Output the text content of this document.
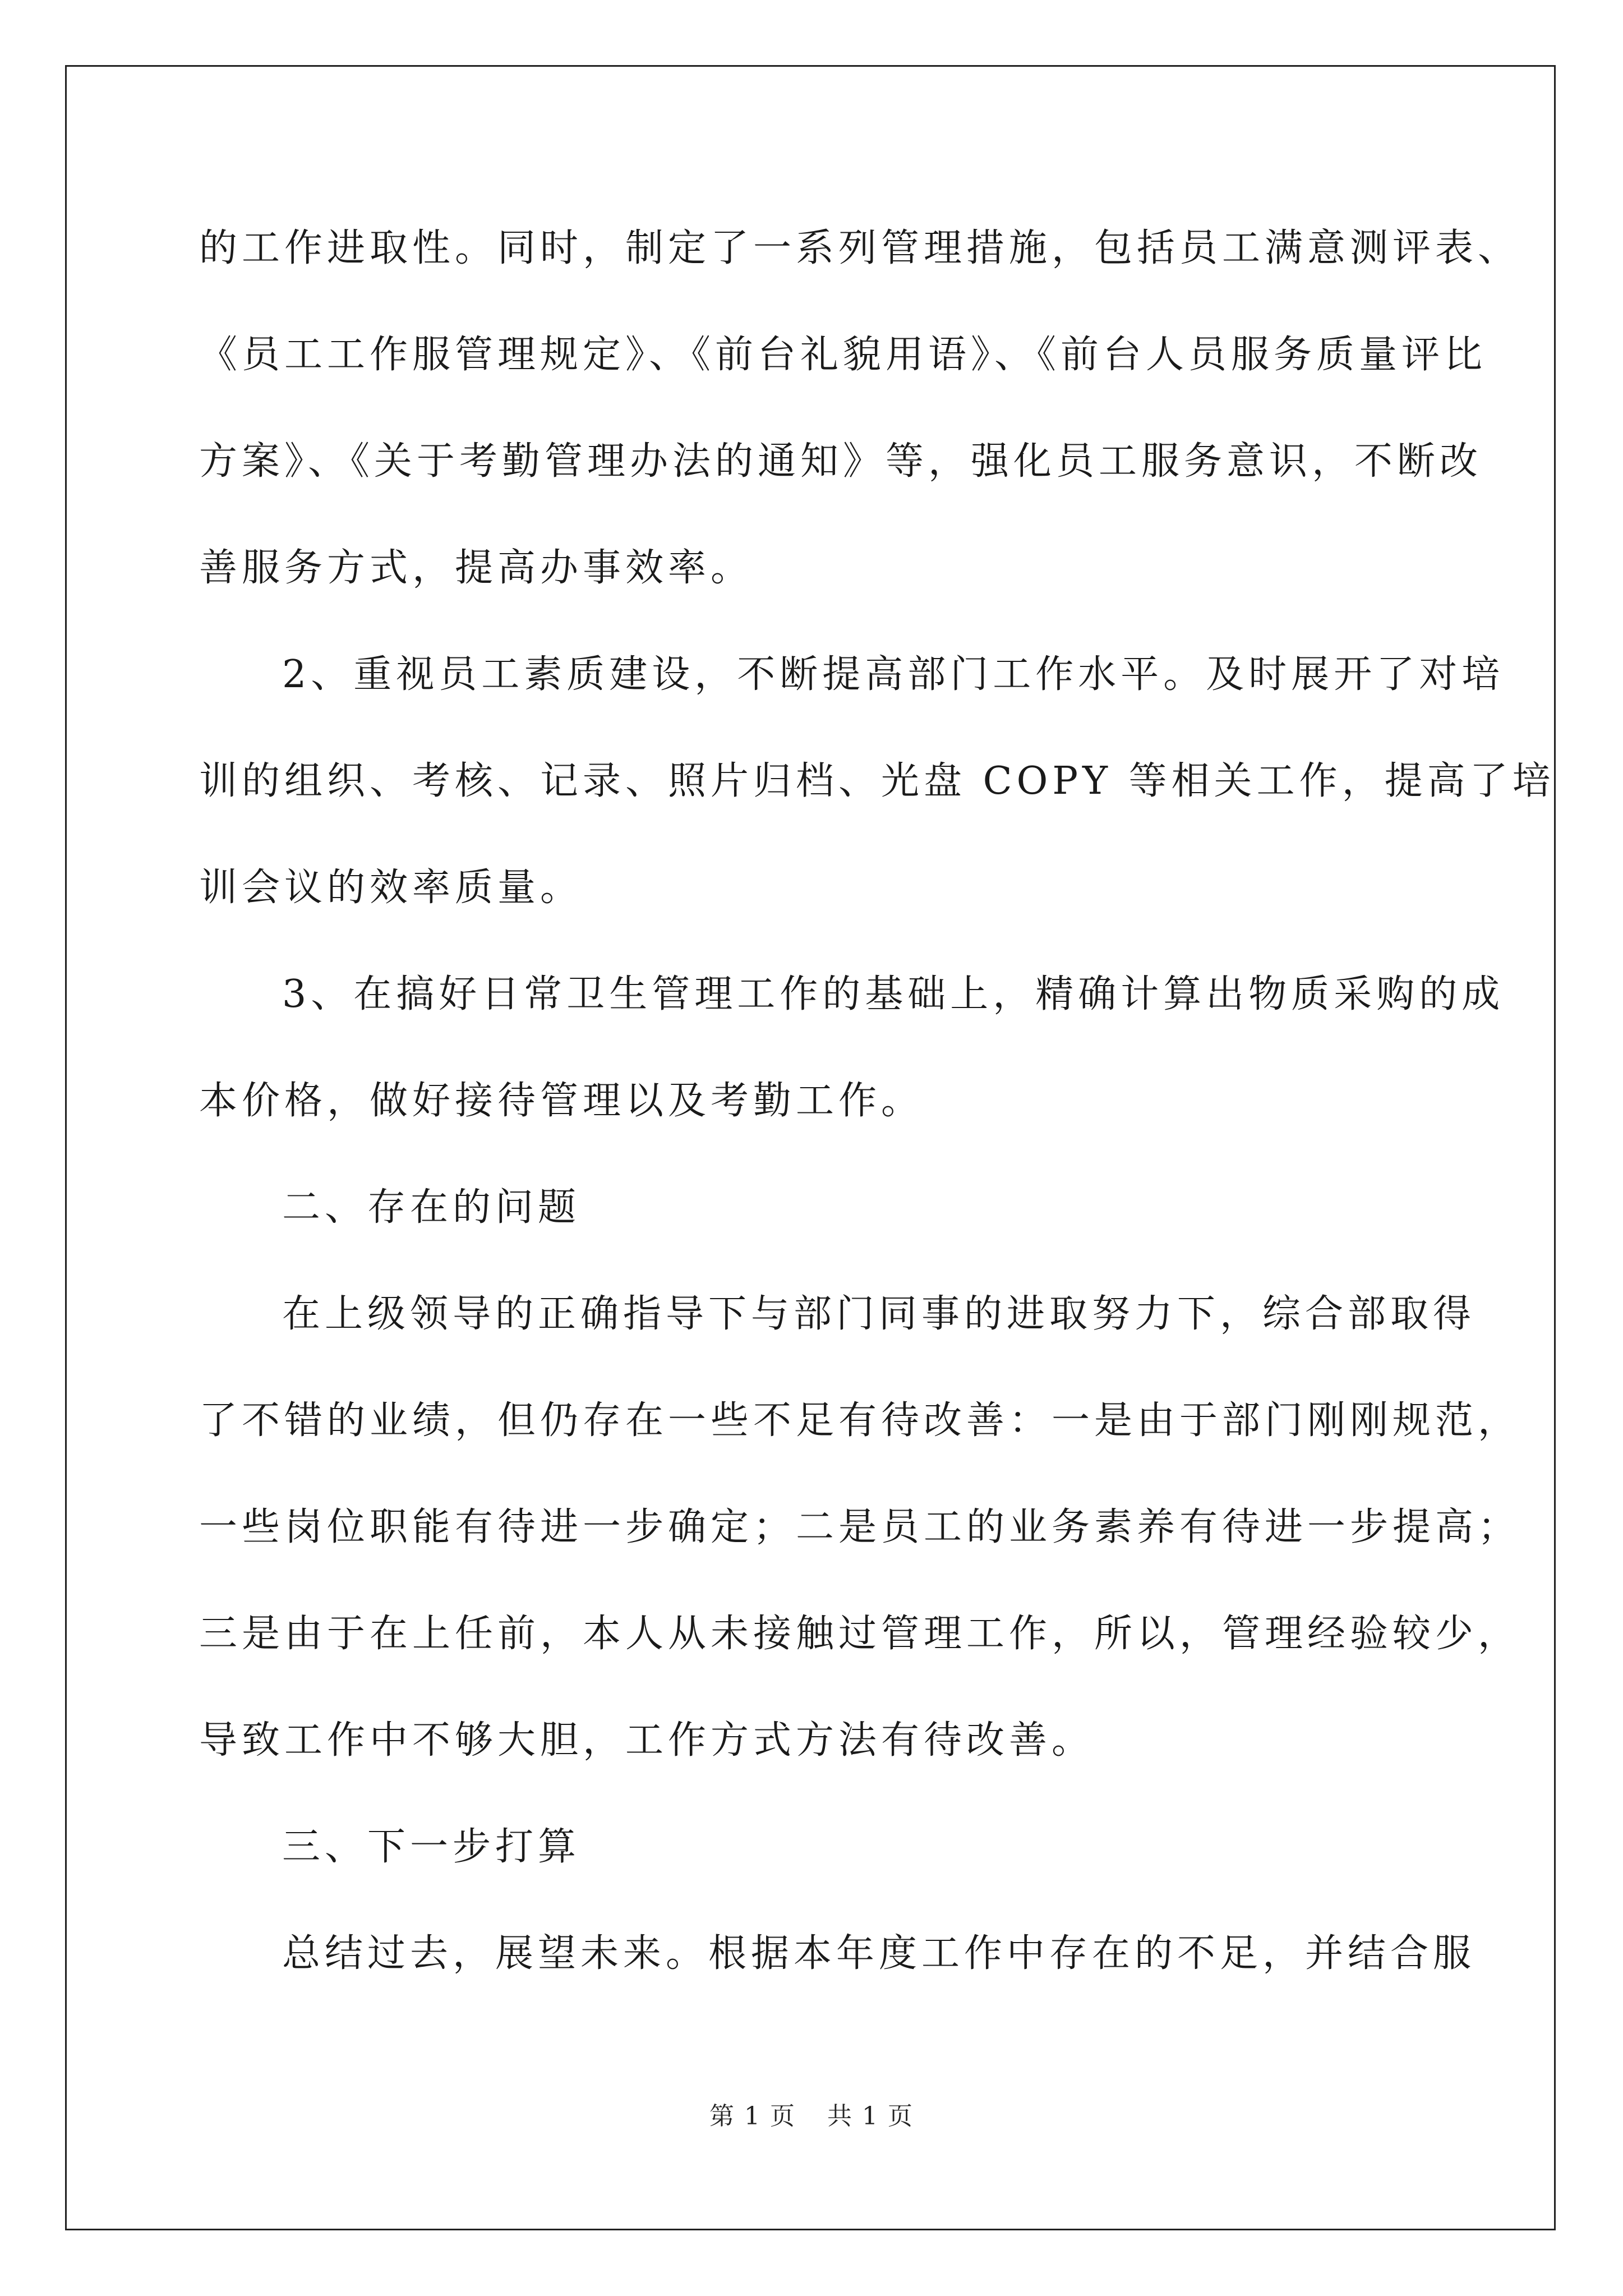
的工作进取性。同时，制定了一系列管理措施，包括员工满意测评表、
《员工工作服管理规定》、《前台礼貌用语》、《前台人员服务质量评比
方案》、《关于考勤管理办法的通知》等，强化员工服务意识，不断改
善服务方式，提高办事效率。
2、重视员工素质建设，不断提高部门工作水平。及时展开了对培
训的组织、考核、记录、照片归档、光盘 COPY 等相关工作，提高了培
训会议的效率质量。
3、在搞好日常卫生管理工作的基础上，精确计算出物质采购的成
本价格，做好接待管理以及考勤工作。
二、存在的问题
在上级领导的正确指导下与部门同事的进取努力下，综合部取得
了不错的业绩，但仍存在一些不足有待改善：一是由于部门刚刚规范，
一些岗位职能有待进一步确定；二是员工的业务素养有待进一步提高；
三是由于在上任前，本人从未接触过管理工作，所以，管理经验较少，
导致工作中不够大胆，工作方式方法有待改善。
三、下一步打算
总结过去，展望未来。根据本年度工作中存在的不足，并结合服
第 1 页 共 1 页
